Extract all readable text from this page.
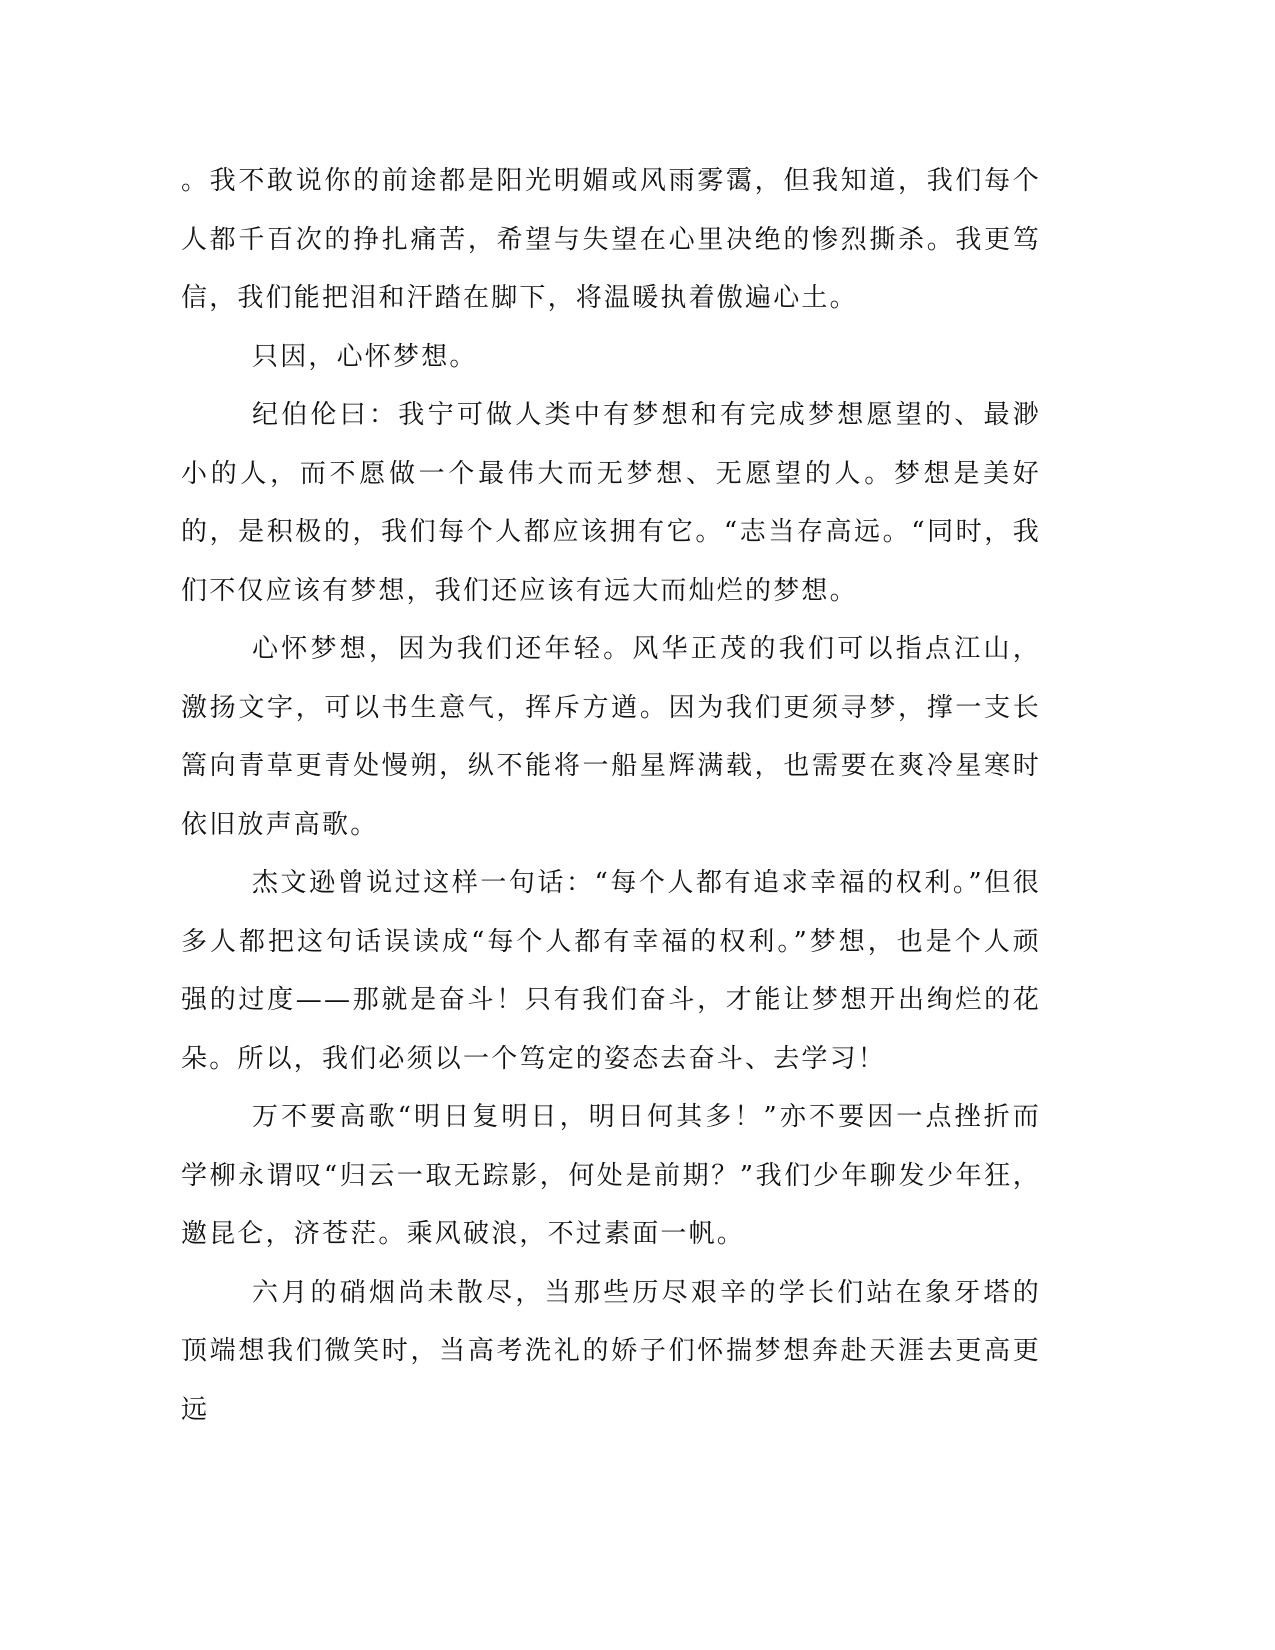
。我不敢说你的前途都是阳光明媚或风雨雾霭，但我知道，我们每个人都千百次的挣扎痛苦，希望与失望在心里决绝的惨烈撕杀。我更笃信，我们能把泪和汗踏在脚下，将温暖执着傲遍心土。

只因，心怀梦想。

纪伯伦曰：我宁可做人类中有梦想和有完成梦想愿望的、最渺小的人，而不愿做一个最伟大而无梦想、无愿望的人。梦想是美好的，是积极的，我们每个人都应该拥有它。“志当存高远。“同时，我们不仅应该有梦想，我们还应该有远大而灿烂的梦想。

心怀梦想，因为我们还年轻。风华正茂的我们可以指点江山，激扬文字，可以书生意气，挥斥方遒。因为我们更须寻梦，撑一支长篙向青草更青处慢朔，纵不能将一船星辉满载，也需要在爽冷星寒时依旧放声高歌。

杰文逊曾说过这样一句话：“每个人都有追求幸福的权利。”但很多人都把这句话误读成“每个人都有幸福的权利。”梦想，也是个人顽强的过度——那就是奋斗！只有我们奋斗，才能让梦想开出绚烂的花朵。所以，我们必须以一个笃定的姿态去奋斗、去学习！

万不要高歌“明日复明日，明日何其多！”亦不要因一点挫折而学柳永谓叹“归云一取无踪影，何处是前期？”我们少年聊发少年狂，邀昆仑，济苍茫。乘风破浪，不过素面一帆。

六月的硝烟尚未散尽，当那些历尽艰辛的学长们站在象牙塔的顶端想我们微笑时，当高考洗礼的娇子们怀揣梦想奔赴天涯去更高更远
